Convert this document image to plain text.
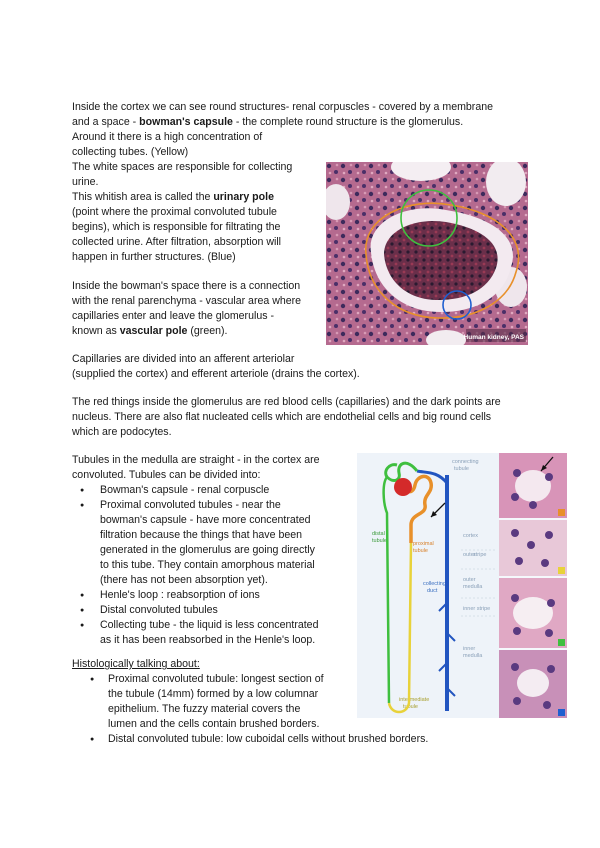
Inside the cortex we can see round structures- renal corpuscles - covered by a membrane

and a space - bowman's capsule - the complete round structure is the glomerulus.

Around it there is a high concentration of

collecting tubes. (Yellow)

The white spaces are responsible for collecting

urine.

This whitish area is called the urinary pole

(point where the proximal convoluted tubule

begins), which is responsible for filtrating the

collected urine. After filtration, absorption will

happen in further structures. (Blue)

Inside the bowman's space there is a connection

with the renal parenchyma - vascular area where

capillaries enter and leave the glomerulus -

known as vascular pole (green).

Human kidney, PAS

Capillaries are divided into an afferent arteriolar

(supplied the cortex) and efferent arteriole (drains the cortex).

The red things inside the glomerulus are red blood cells (capillaries) and the dark points are

nucleus. There are also flat nucleated cells which are endothelial cells and big round cells

which are podocytes.

Tubules in the medulla are straight - in the cortex are

convoluted. Tubules can be divided into:

● Bowman's capsule - renal corpuscle
● Proximal convoluted tubules - near the
bowman's capsule - have more concentrated
filtration because the things that have been
generated in the glomerulus are going directly
to this tube. They contain amorphous material
(there has not been absorption yet).
● Henle's loop : reabsorption of ions
● Distal convoluted tubules
● Collecting tube - the liquid is less concentrated
as it has been reabsorbed in the Henle's loop.
connecting
tubule
cortex
outer
stripe
outer
medulla
inner stripe
inner
medulla
collecting
duct
distal
tubule	proximal
tubule
intermediate
tubule

Histologically talking about:

● Proximal convoluted tubule: longest section of
the tubule (14mm) formed by a low columnar
epithelium. The fuzzy material covers the
lumen and the cells contain brushed borders.
● Distal convoluted tubule: low cuboidal cells without brushed borders.
